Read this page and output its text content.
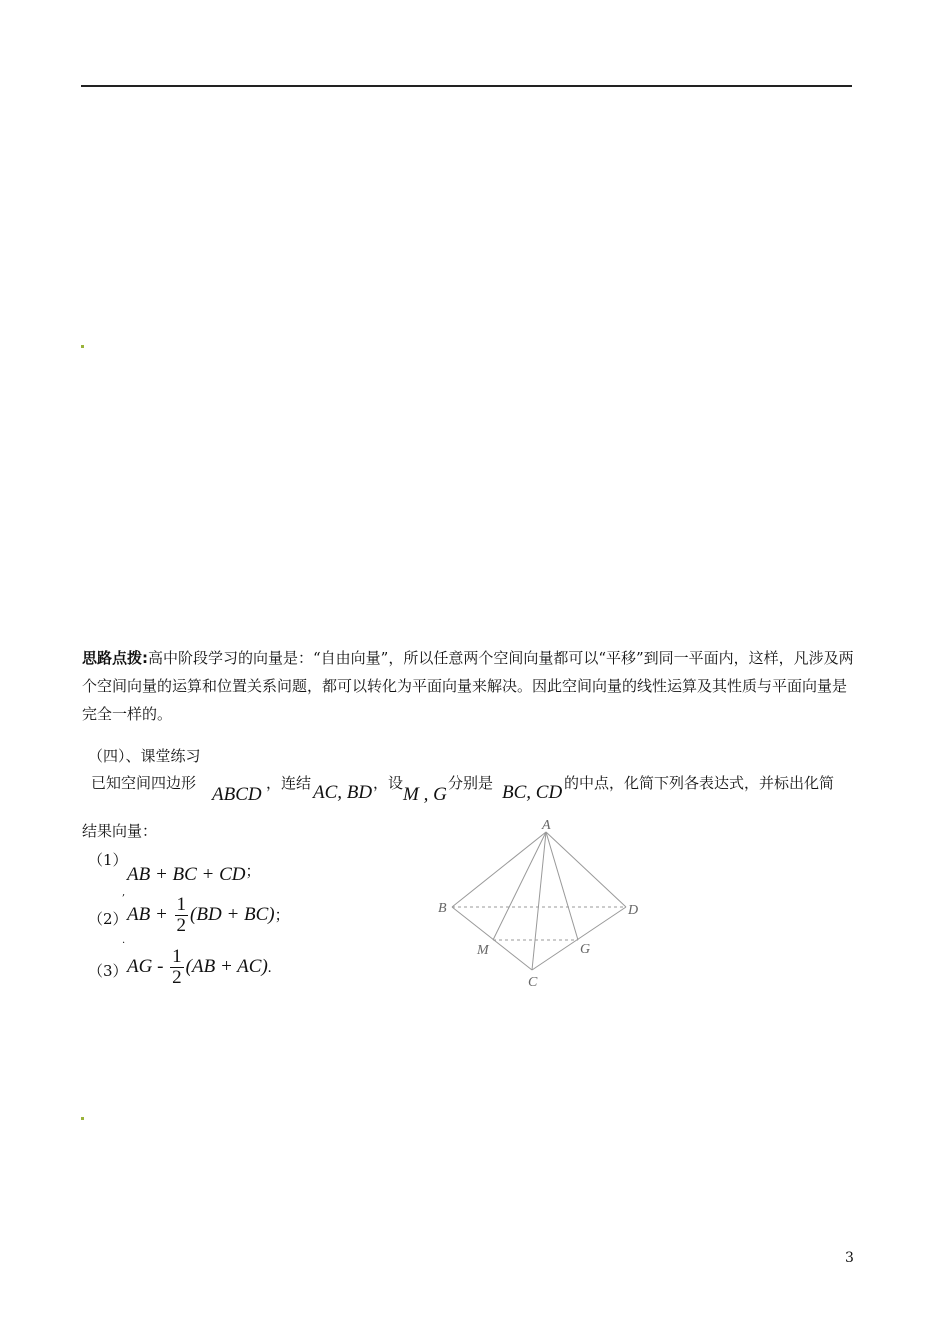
思路点拨:高中阶段学习的向量是：“自由向量”，所以任意两个空间向量都可以“平移”到同一平面内，这样，凡涉及两个空间向量的运算和位置关系问题，都可以转化为平面向量来解决。因此空间向量的线性运算及其性质与平面向量是完全一样的。
（四）、课堂练习
已知空间四边形
ABCD
，连结 AC, BD ，设
M , G
分别是 BC, CD 的中点，化简下列各表达式，并标出化简
结果向量：
（1）
AB + BC + CD；
,
（2） AB + $\frac{1}{2} (BD + BC)$；
.
（3） AG - $\frac{1}{2} (AB + AC)$.
A
B
C
D
M	G
3
